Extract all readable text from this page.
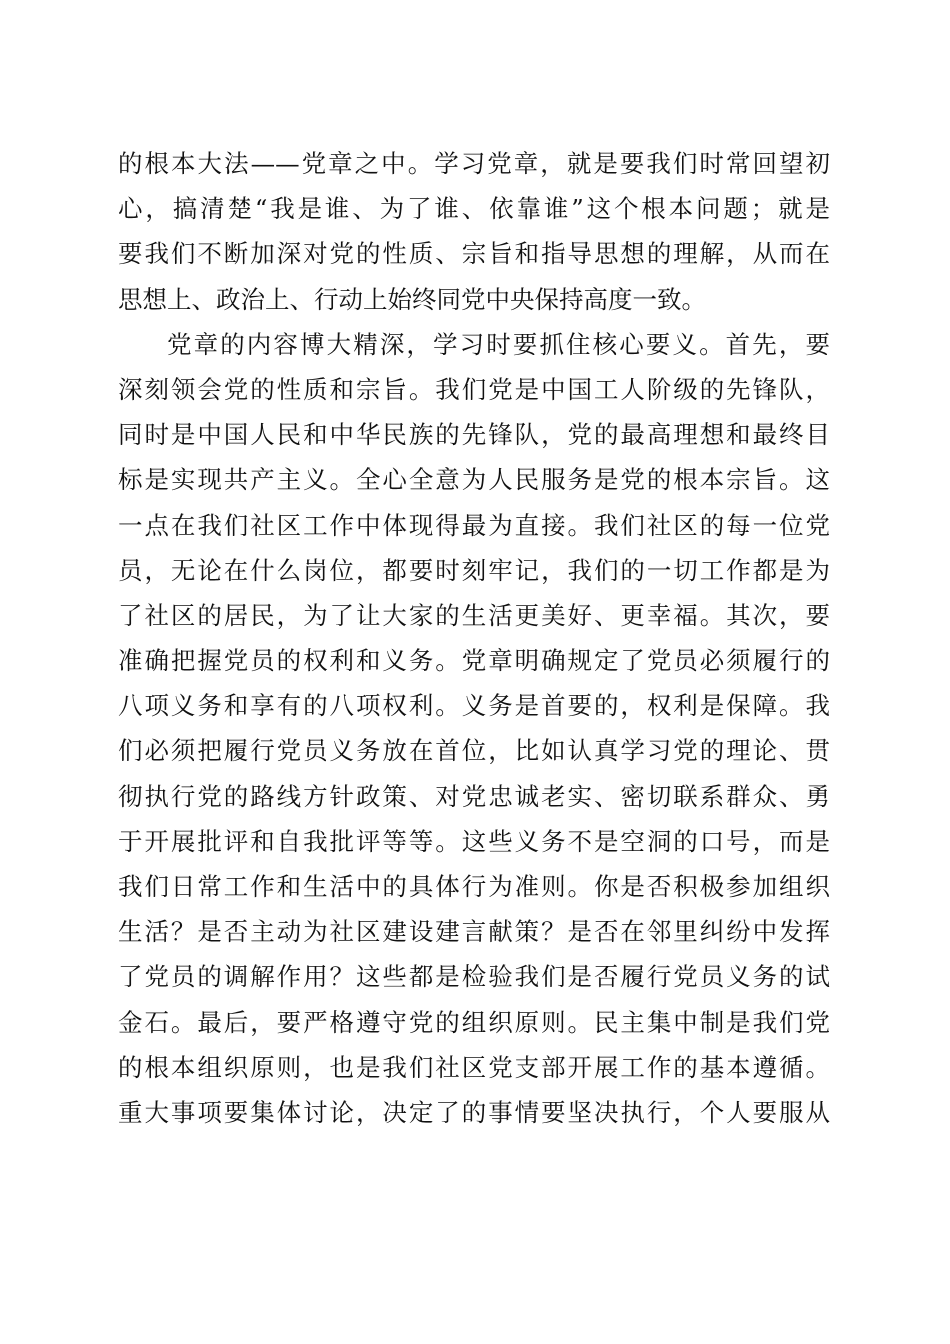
的根本大法——党章之中。学习党章，就是要我们时常回望初
心，搞清楚“我是谁、为了谁、依靠谁”这个根本问题；就是
要我们不断加深对党的性质、宗旨和指导思想的理解，从而在
思想上、政治上、行动上始终同党中央保持高度一致。
党章的内容博大精深，学习时要抓住核心要义。首先，要
深刻领会党的性质和宗旨。我们党是中国工人阶级的先锋队，
同时是中国人民和中华民族的先锋队，党的最高理想和最终目
标是实现共产主义。全心全意为人民服务是党的根本宗旨。这
一点在我们社区工作中体现得最为直接。我们社区的每一位党
员，无论在什么岗位，都要时刻牢记，我们的一切工作都是为
了社区的居民，为了让大家的生活更美好、更幸福。其次，要
准确把握党员的权利和义务。党章明确规定了党员必须履行的
八项义务和享有的八项权利。义务是首要的，权利是保障。我
们必须把履行党员义务放在首位，比如认真学习党的理论、贯
彻执行党的路线方针政策、对党忠诚老实、密切联系群众、勇
于开展批评和自我批评等等。这些义务不是空洞的口号，而是
我们日常工作和生活中的具体行为准则。你是否积极参加组织
生活？是否主动为社区建设建言献策？是否在邻里纠纷中发挥
了党员的调解作用？这些都是检验我们是否履行党员义务的试
金石。最后，要严格遵守党的组织原则。民主集中制是我们党
的根本组织原则，也是我们社区党支部开展工作的基本遵循。
重大事项要集体讨论，决定了的事情要坚决执行，个人要服从
